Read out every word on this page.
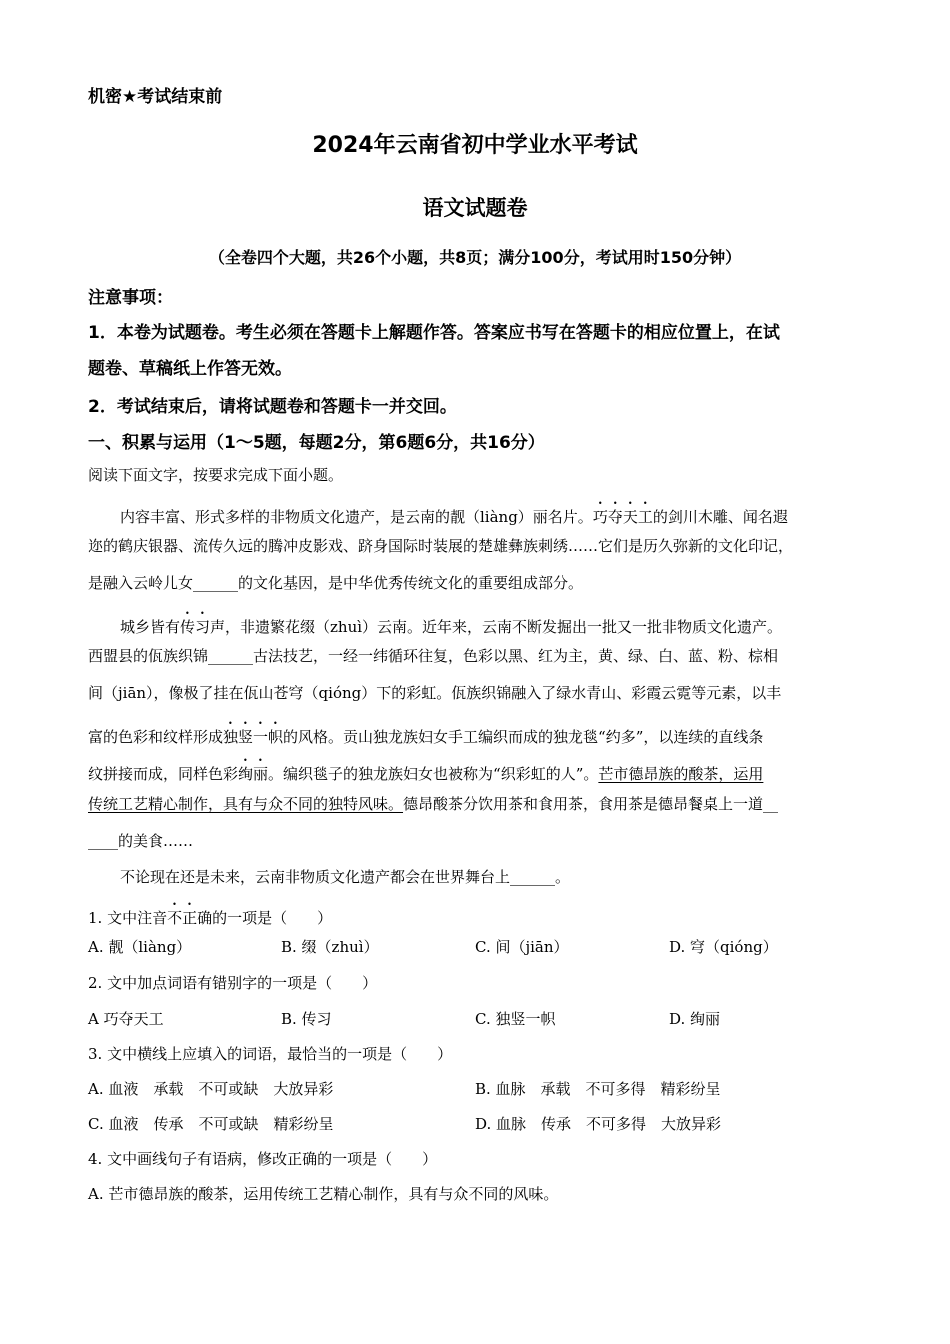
机密★考试结束前
2024年云南省初中学业水平考试
语文试题卷
（全卷四个大题，共26个小题，共8页；满分100分，考试用时150分钟）
注意事项：
1．本卷为试题卷。考生必须在答题卡上解题作答。答案应书写在答题卡的相应位置上，在试
题卷、草稿纸上作答无效。
2．考试结束后，请将试题卷和答题卡一并交回。
一、积累与运用（1～5题，每题2分，第6题6分，共16分）
阅读下面文字，按要求完成下面小题。
内容丰富、形式多样的非物质文化遗产，是云南的靓（liàng）丽名片。巧夺天工的剑川木雕、闻名遐
迩的鹤庆银器、流传久远的腾冲皮影戏、跻身国际时装展的楚雄彝族刺绣……它们是历久弥新的文化印记，
是融入云岭儿女______的文化基因，是中华优秀传统文化的重要组成部分。
城乡皆有传习声，非遗繁花缀（zhuì）云南。近年来，云南不断发掘出一批又一批非物质文化遗产。
西盟县的佤族织锦______古法技艺，一经一纬循环往复，色彩以黑、红为主，黄、绿、白、蓝、粉、棕相
间（jiān），像极了挂在佤山苍穹（qióng）下的彩虹。佤族织锦融入了绿水青山、彩霞云霓等元素，以丰
富的色彩和纹样形成独竖一帜的风格。贡山独龙族妇女手工编织而成的独龙毯“约多”，以连续的直线条
纹拼接而成，同样色彩绚丽。编织毯子的独龙族妇女也被称为“织彩虹的人”。芒市德昂族的酸茶，运用
传统工艺精心制作，具有与众不同的独特风味。德昂酸茶分饮用茶和食用茶，食用茶是德昂餐桌上一道__
____的美食……
不论现在还是未来，云南非物质文化遗产都会在世界舞台上______。
1. 文中注音不正确的一项是（　　）
A. 靓（liàng）	B. 缀（zhuì）	C. 间（jiān）	D. 穹（qióng）
2. 文中加点词语有错别字的一项是（　　）
A 巧夺天工	B. 传习	C. 独竖一帜	D. 绚丽
3. 文中横线上应填入的词语，最恰当的一项是（　　）
A. 血液　承载　不可或缺　大放异彩	B. 血脉　承载　不可多得　精彩纷呈
C. 血液　传承　不可或缺　精彩纷呈	D. 血脉　传承　不可多得　大放异彩
4. 文中画线句子有语病，修改正确的一项是（　　）
A. 芒市德昂族的酸茶，运用传统工艺精心制作，具有与众不同的风味。
